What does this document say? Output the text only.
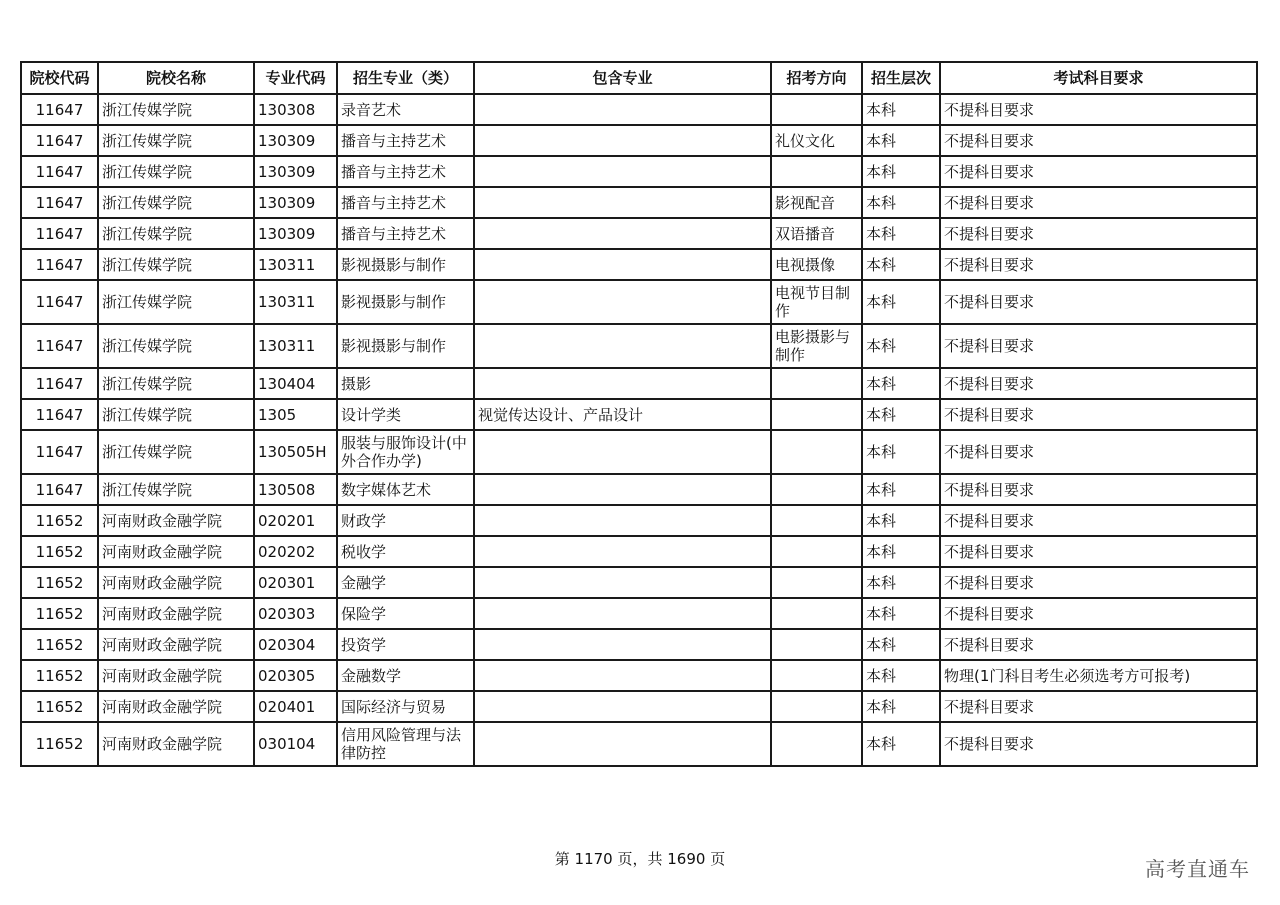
院校代码	院校名称	专业代码	招生专业（类）	包含专业	招考方向	招生层次	考试科目要求
11647	浙江传媒学院	130308	录音艺术			本科	不提科目要求
11647	浙江传媒学院	130309	播音与主持艺术		礼仪文化	本科	不提科目要求
11647	浙江传媒学院	130309	播音与主持艺术			本科	不提科目要求
11647	浙江传媒学院	130309	播音与主持艺术		影视配音	本科	不提科目要求
11647	浙江传媒学院	130309	播音与主持艺术		双语播音	本科	不提科目要求
11647	浙江传媒学院	130311	影视摄影与制作		电视摄像	本科	不提科目要求
11647	浙江传媒学院	130311	影视摄影与制作		电视节目制作	本科	不提科目要求
11647	浙江传媒学院	130311	影视摄影与制作		电影摄影与制作	本科	不提科目要求
11647	浙江传媒学院	130404	摄影			本科	不提科目要求
11647	浙江传媒学院	1305	设计学类	视觉传达设计、产品设计		本科	不提科目要求
11647	浙江传媒学院	130505H	服装与服饰设计(中外合作办学)			本科	不提科目要求
11647	浙江传媒学院	130508	数字媒体艺术			本科	不提科目要求
11652	河南财政金融学院	020201	财政学			本科	不提科目要求
11652	河南财政金融学院	020202	税收学			本科	不提科目要求
11652	河南财政金融学院	020301	金融学			本科	不提科目要求
11652	河南财政金融学院	020303	保险学			本科	不提科目要求
11652	河南财政金融学院	020304	投资学			本科	不提科目要求
11652	河南财政金融学院	020305	金融数学			本科	物理(1门科目考生必须选考方可报考)
11652	河南财政金融学院	020401	国际经济与贸易			本科	不提科目要求
11652	河南财政金融学院	030104	信用风险管理与法律防控			本科	不提科目要求
第 1170 页，共 1690 页	高考直通车
